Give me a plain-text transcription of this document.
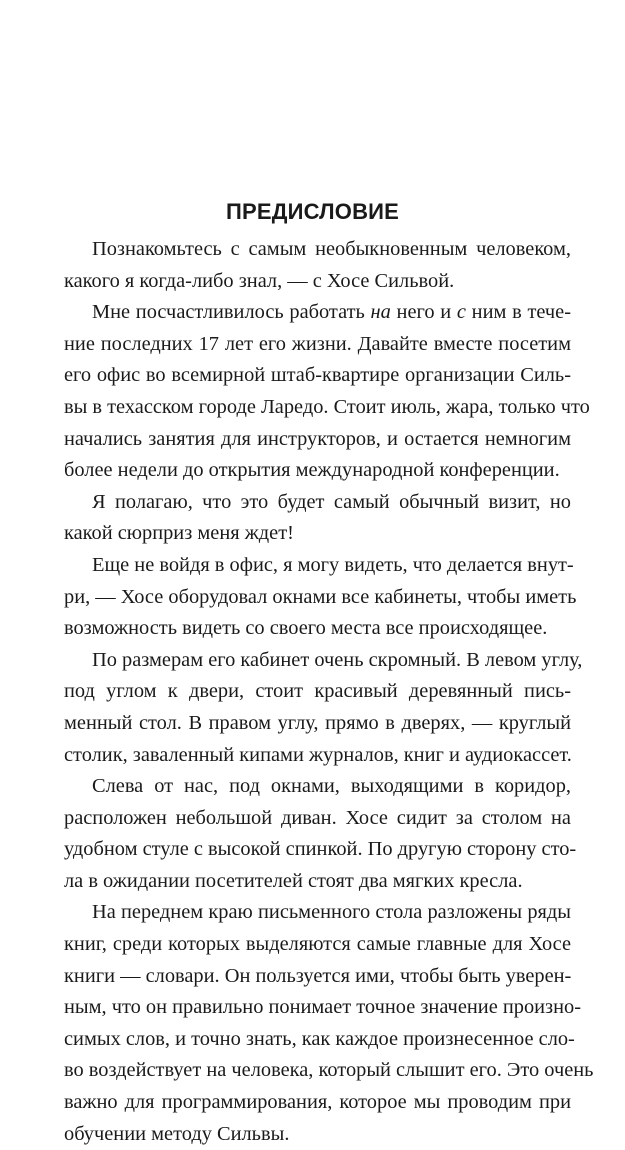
ПРЕДИСЛОВИЕ

Познакомьтесь с самым необыкновенным человеком,
какого я когда-либо знал, — с Хосе Сильвой.

Мне посчастливилось работать на него и с ним в тече-
ние последних 17 лет его жизни. Давайте вместе посетим
его офис во всемирной штаб-квартире организации Силь-
вы в техасском городе Ларедо. Стоит июль, жара, только что
начались занятия для инструкторов, и остается немногим
более недели до открытия международной конференции.

Я полагаю, что это будет самый обычный визит, но
какой сюрприз меня ждет!

Еще не войдя в офис, я могу видеть, что делается внут-
ри, — Хосе оборудовал окнами все кабинеты, чтобы иметь
возможность видеть со своего места все происходящее.

По размерам его кабинет очень скромный. В левом углу,
под углом к двери, стоит красивый деревянный пись-
менный стол. В правом углу, прямо в дверях, — круглый
столик, заваленный кипами журналов, книг и аудиокассет.

Слева от нас, под окнами, выходящими в коридор,
расположен небольшой диван. Хосе сидит за столом на
удобном стуле с высокой спинкой. По другую сторону сто-
ла в ожидании посетителей стоят два мягких кресла.

На переднем краю письменного стола разложены ряды
книг, среди которых выделяются самые главные для Хосе
книги — словари. Он пользуется ими, чтобы быть уверен-
ным, что он правильно понимает точное значение произно-
симых слов, и точно знать, как каждое произнесенное сло-
во воздействует на человека, который слышит его. Это очень
важно для программирования, которое мы проводим при
обучении методу Сильвы.
